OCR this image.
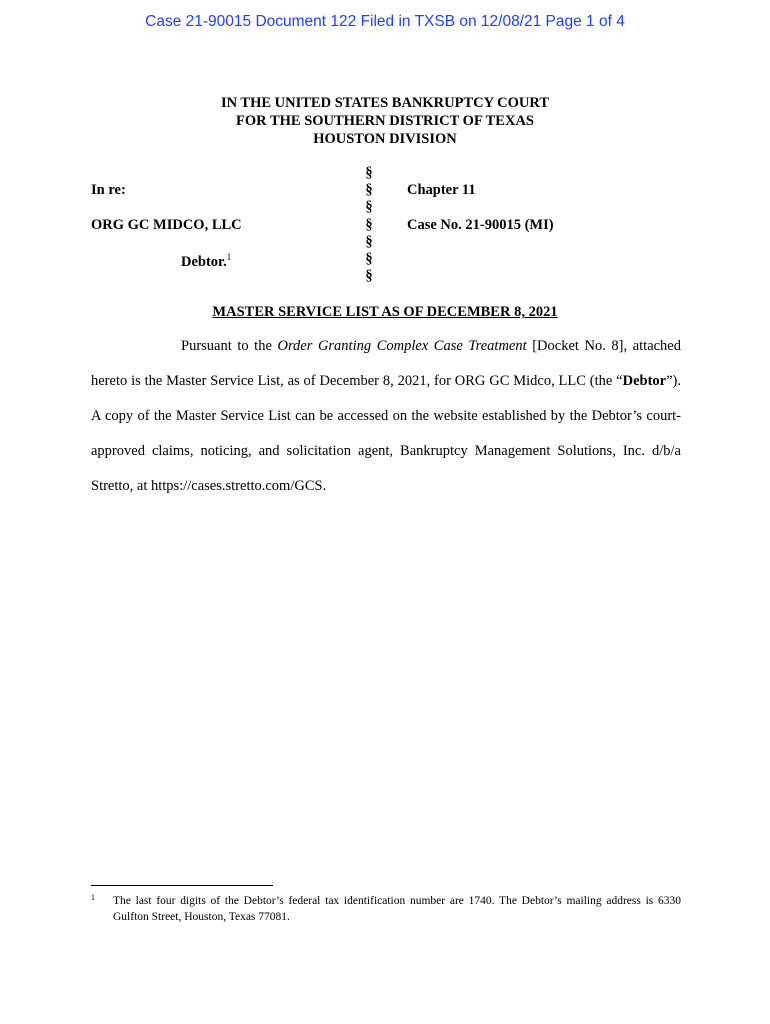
Case 21-90015 Document 122 Filed in TXSB on 12/08/21 Page 1 of 4
IN THE UNITED STATES BANKRUPTCY COURT
FOR THE SOUTHERN DISTRICT OF TEXAS
HOUSTON DIVISION
In re:
ORG GC MIDCO, LLC
Debtor.$^1$
§
§
§
§
§
§
§
Chapter 11
Case No. 21-90015 (MI)
MASTER SERVICE LIST AS OF DECEMBER 8, 2021
Pursuant to the Order Granting Complex Case Treatment [Docket No. 8], attached hereto is the Master Service List, as of December 8, 2021, for ORG GC Midco, LLC (the “Debtor”). A copy of the Master Service List can be accessed on the website established by the Debtor’s court-approved claims, noticing, and solicitation agent, Bankruptcy Management Solutions, Inc. d/b/a Stretto, at https://cases.stretto.com/GCS.
1 The last four digits of the Debtor’s federal tax identification number are 1740. The Debtor’s mailing address is 6330 Gulfton Street, Houston, Texas 77081.
